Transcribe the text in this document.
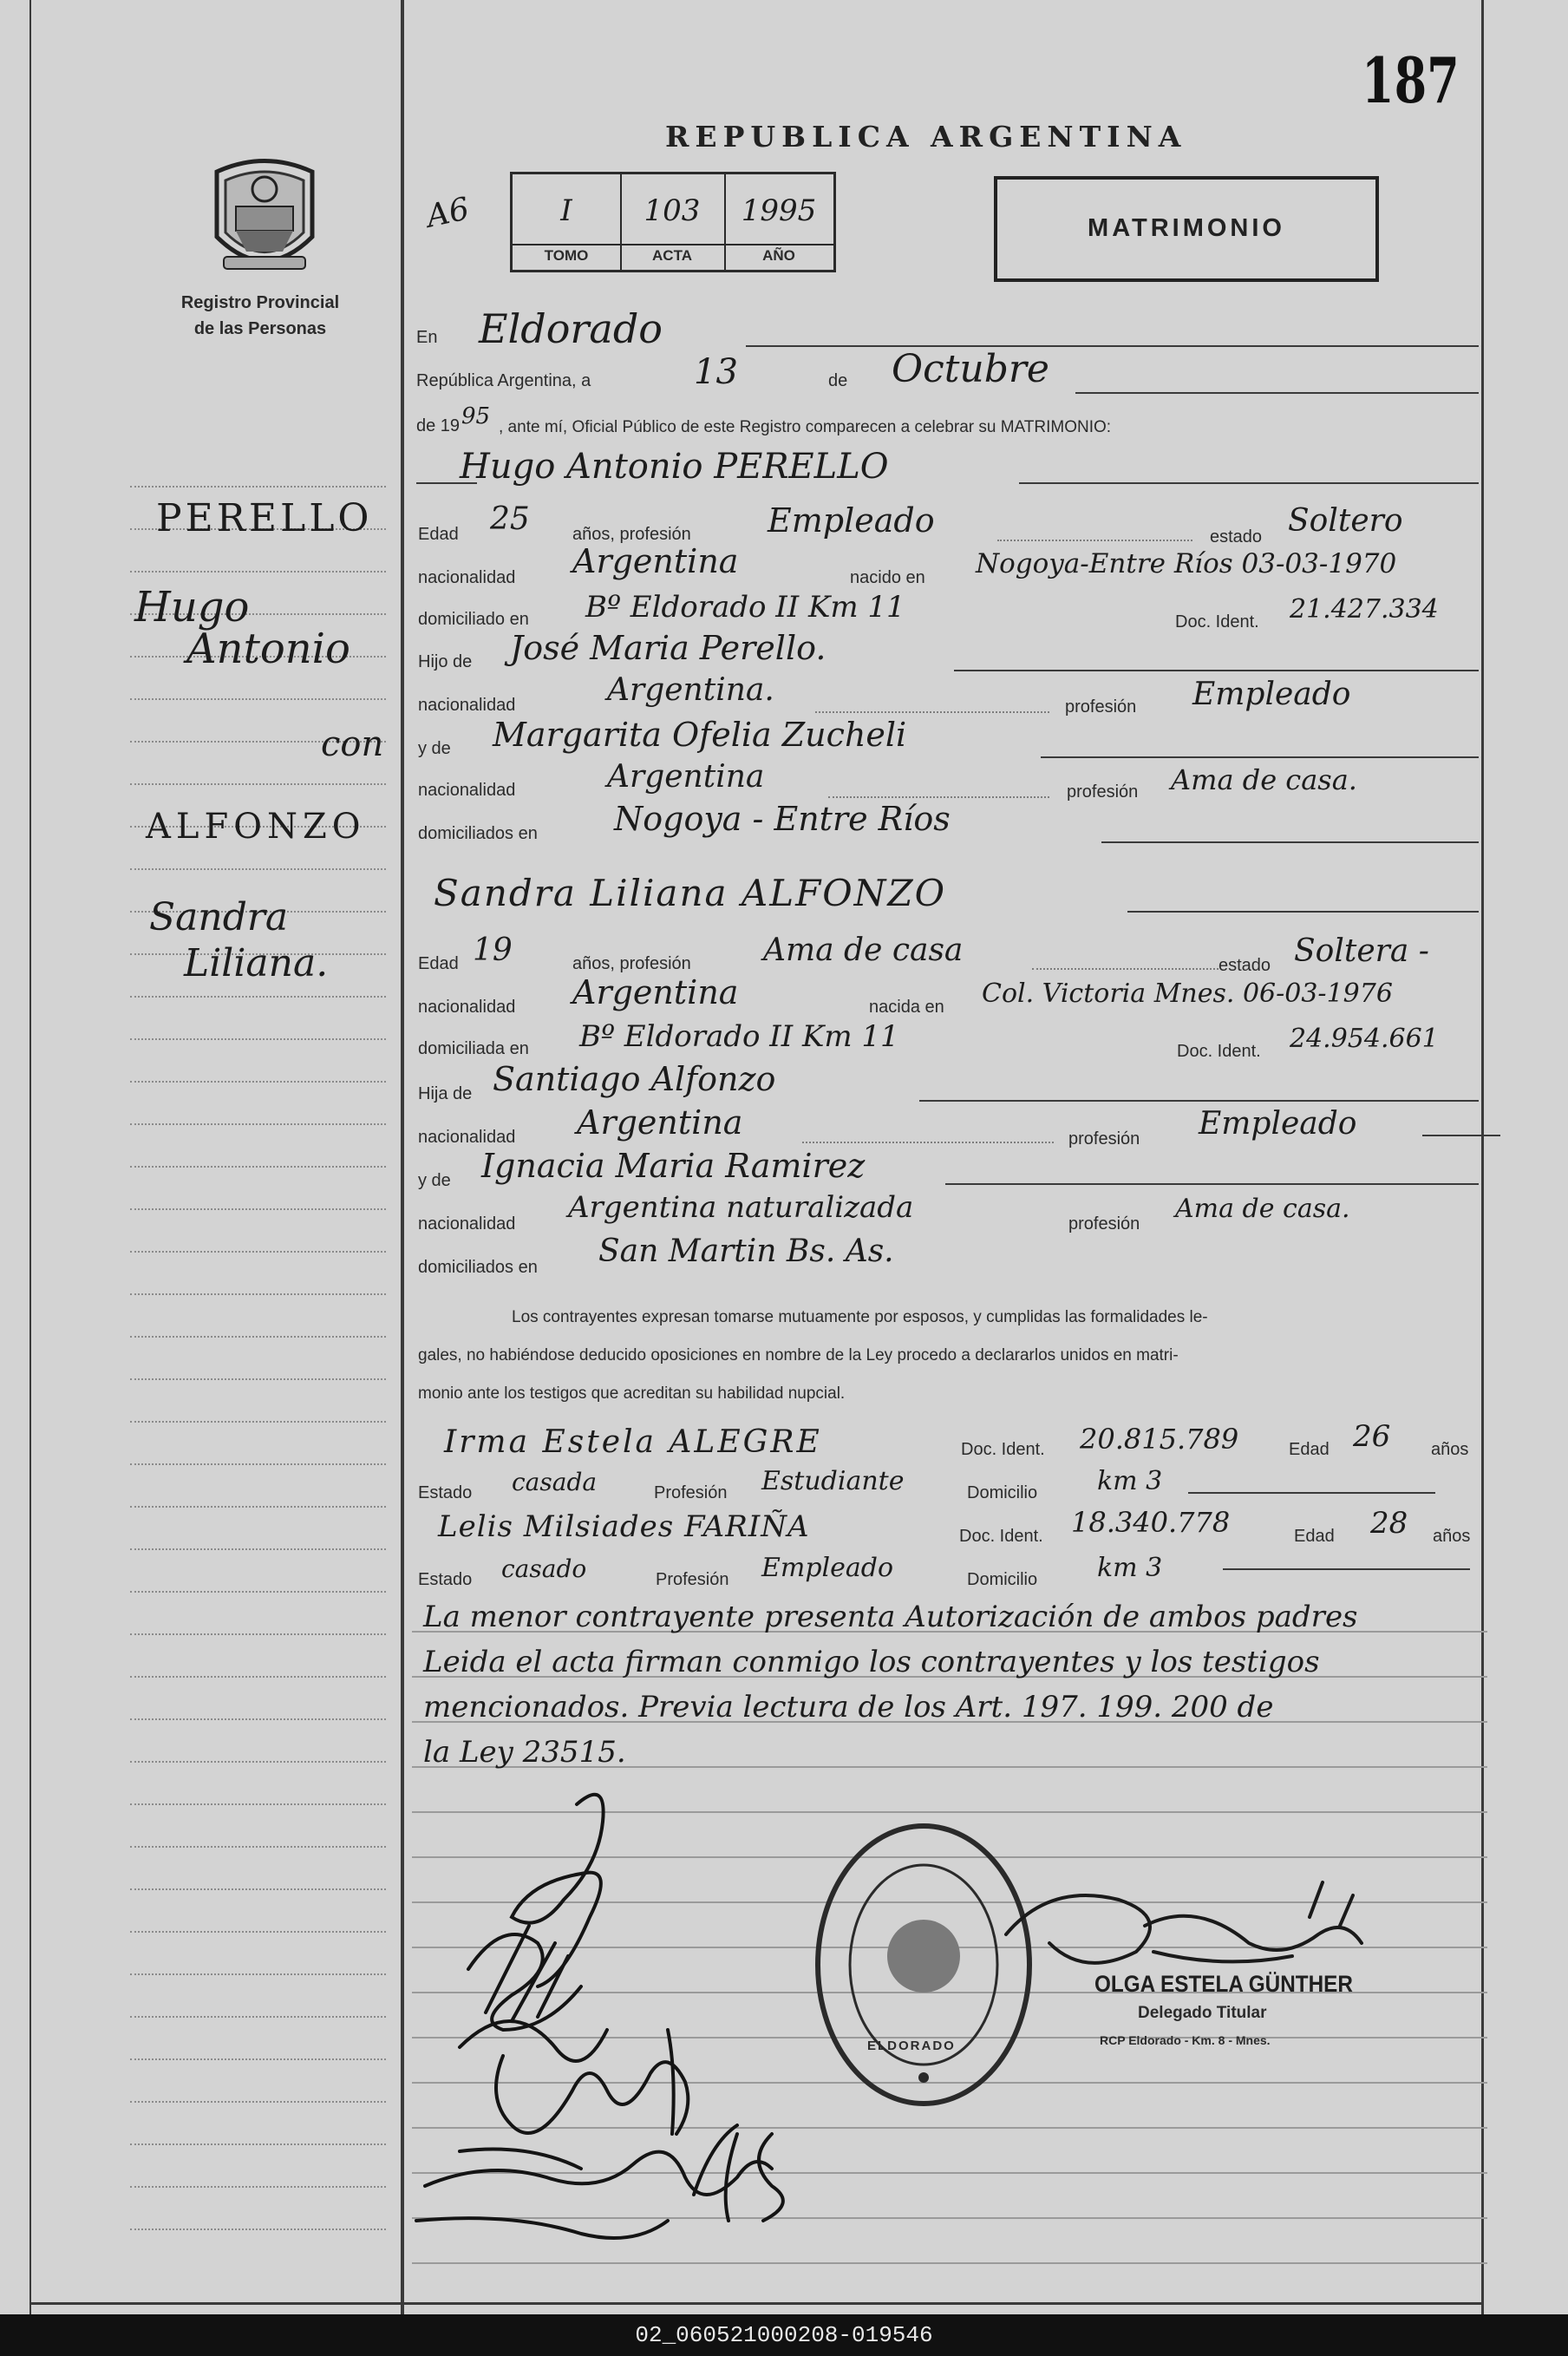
187
Registro Provincial
de las Personas
REPUBLICA ARGENTINA
A6	I	103	1995
TOMO	ACTA	AÑO
MATRIMONIO
PERELLO
Hugo
Antonio
con
ALFONZO
Sandra
Liliana.
En Eldorado
República Argentina, a	13	de Octubre
de 19 95 , ante mí, Oficial Público de este Registro comparecen a celebrar su MATRIMONIO:
Hugo Antonio PERELLO
Edad 25 años, profesión Empleado	estado Soltero
nacionalidad Argentina	nacido en Nogoya-Entre Ríos 03-03-1970
domiciliado en Bº Eldorado II Km 11	Doc. Ident. 21.427.334
Hijo de José Maria Perello.
nacionalidad	Argentina.	profesión Empleado
y de Margarita Ofelia Zucheli
nacionalidad	Argentina	profesión Ama de casa.
domiciliados en Nogoya - Entre Ríos
Sandra Liliana ALFONZO
Edad 19	años, profesión Ama de casa	estado Soltera -
nacionalidad Argentina	nacida en Col. Victoria Mnes. 06-03-1976
domiciliada en Bº Eldorado II Km 11	Doc. Ident. 24.954.661
Hija de Santiago Alfonzo
nacionalidad Argentina	profesión Empleado
y de Ignacia Maria Ramirez
nacionalidad Argentina naturalizada	profesión Ama de casa.
domiciliados en San Martin Bs. As.
Los contrayentes expresan tomarse mutuamente por esposos, y cumplidas las formalidades le-
gales, no habiéndose deducido oposiciones en nombre de la Ley procedo a declararlos unidos en matri-
monio ante los testigos que acreditan su habilidad nupcial.
Irma Estela ALEGRE	Doc. Ident. 20.815.789	Edad 26 años
Estado casada	Profesión Estudiante	Domicilio km 3
Lelis Milsiades FARIÑA	Doc. Ident. 18.340.778	Edad 28 años
Estado casado	Profesión Empleado	Domicilio km 3
La menor contrayente presenta Autorización de ambos padres
Leida el acta firman conmigo los contrayentes y los testigos
mencionados. Previa lectura de los Art. 197. 199. 200 de
la Ley 23515.
ELDORADO
OLGA ESTELA GÜNTHER
Delegado Titular
RCP Eldorado - Km. 8 - Mnes.
02_060521000208-019546
